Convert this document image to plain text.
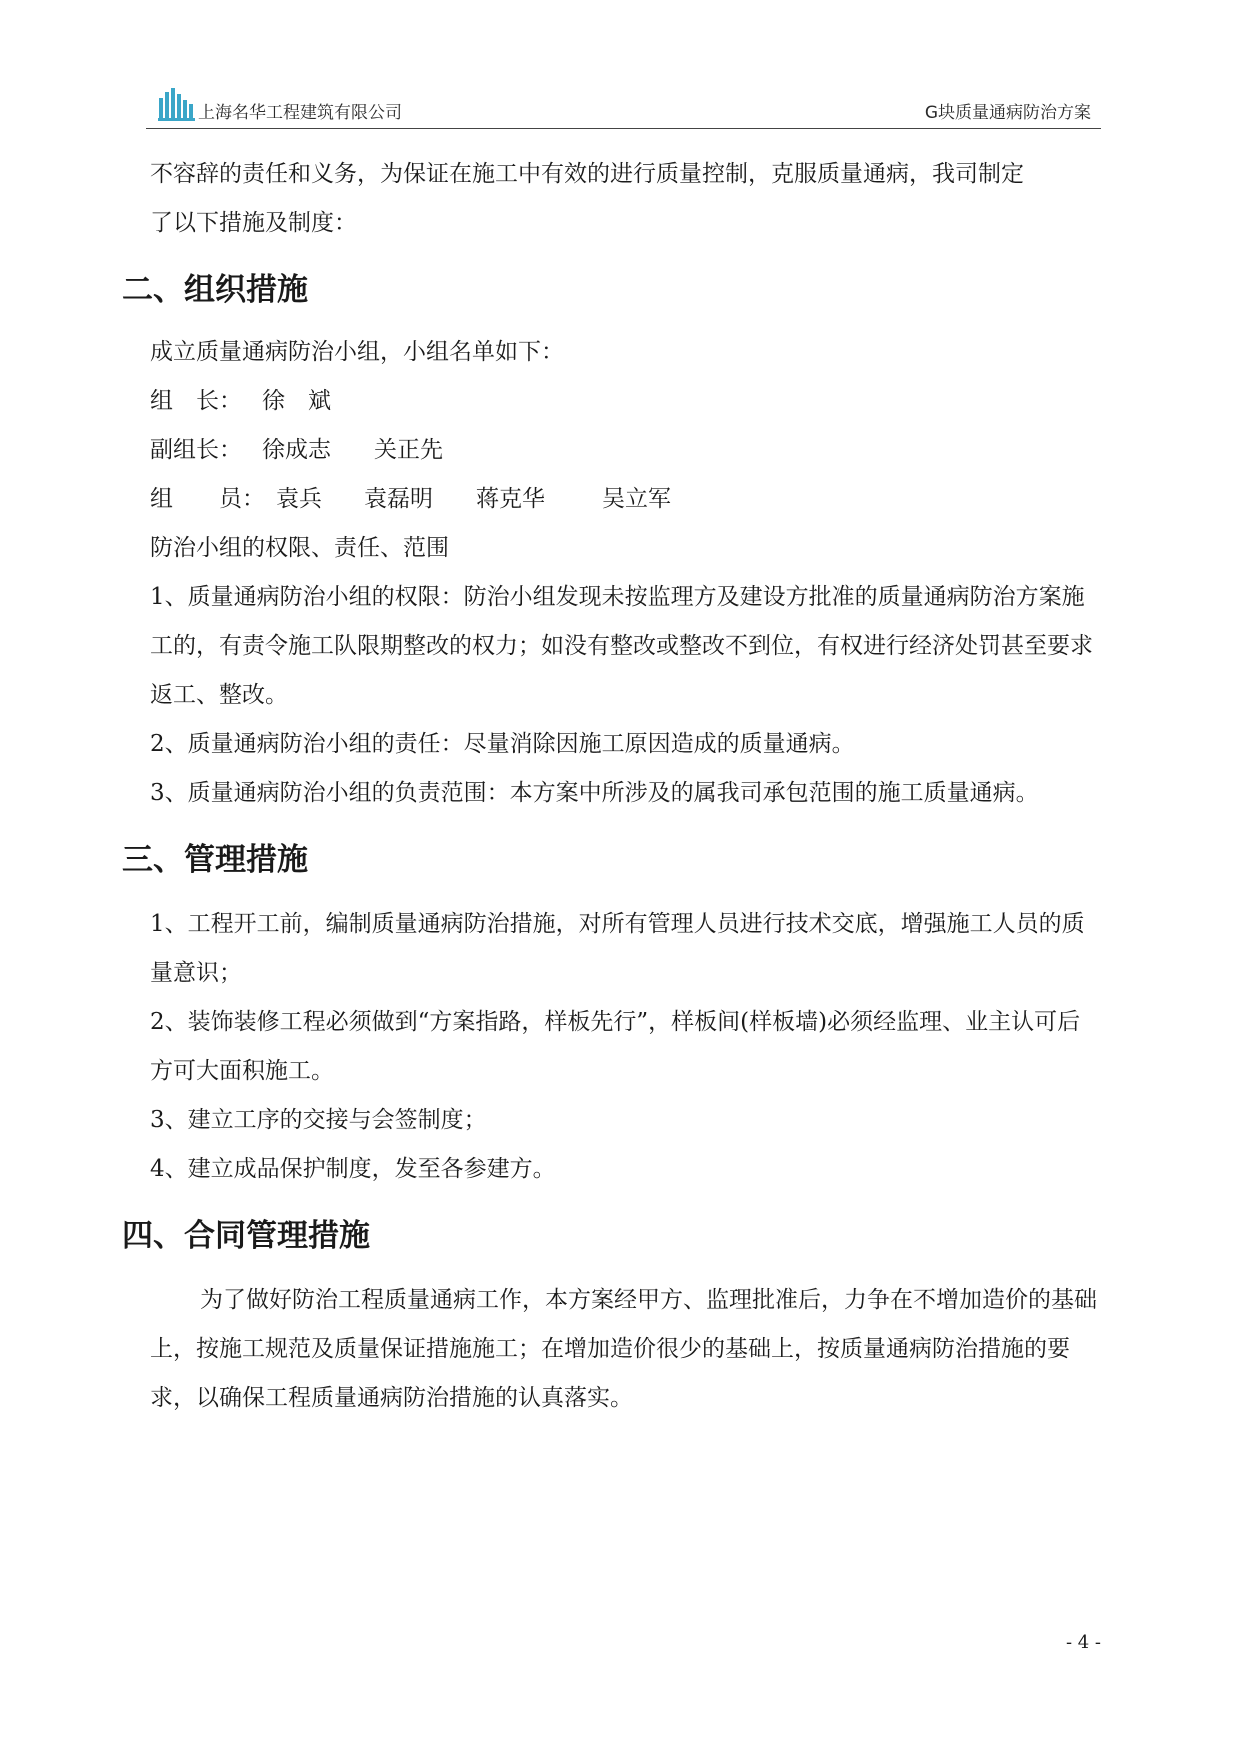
上海名华工程建筑有限公司	G块质量通病防治方案

不容辞的责任和义务，为保证在施工中有效的进行质量控制，克服质量通病，我司制定

了以下措施及制度：

二、组织措施

成立质量通病防治小组，小组名单如下：

组　长： 徐　斌

副组长： 徐成志 关正先

组　　员： 袁兵 袁磊明 蒋克华 吴立军

防治小组的权限、责任、范围

1、质量通病防治小组的权限：防治小组发现未按监理方及建设方批准的质量通病防治方案施工的，有责令施工队限期整改的权力；如没有整改或整改不到位，有权进行经济处罚甚至要求返工、整改。

2、质量通病防治小组的责任：尽量消除因施工原因造成的质量通病。

3、质量通病防治小组的负责范围：本方案中所涉及的属我司承包范围的施工质量通病。

三、管理措施

1、工程开工前，编制质量通病防治措施，对所有管理人员进行技术交底，增强施工人员的质量意识；

2、装饰装修工程必须做到“方案指路，样板先行”，样板间(样板墙)必须经监理、业主认可后方可大面积施工。

3、建立工序的交接与会签制度；

4、建立成品保护制度，发至各参建方。

四、合同管理措施

为了做好防治工程质量通病工作，本方案经甲方、监理批准后，力争在不增加造价的基础上，按施工规范及质量保证措施施工；在增加造价很少的基础上，按质量通病防治措施的要求，以确保工程质量通病防治措施的认真落实。

- 4 -
